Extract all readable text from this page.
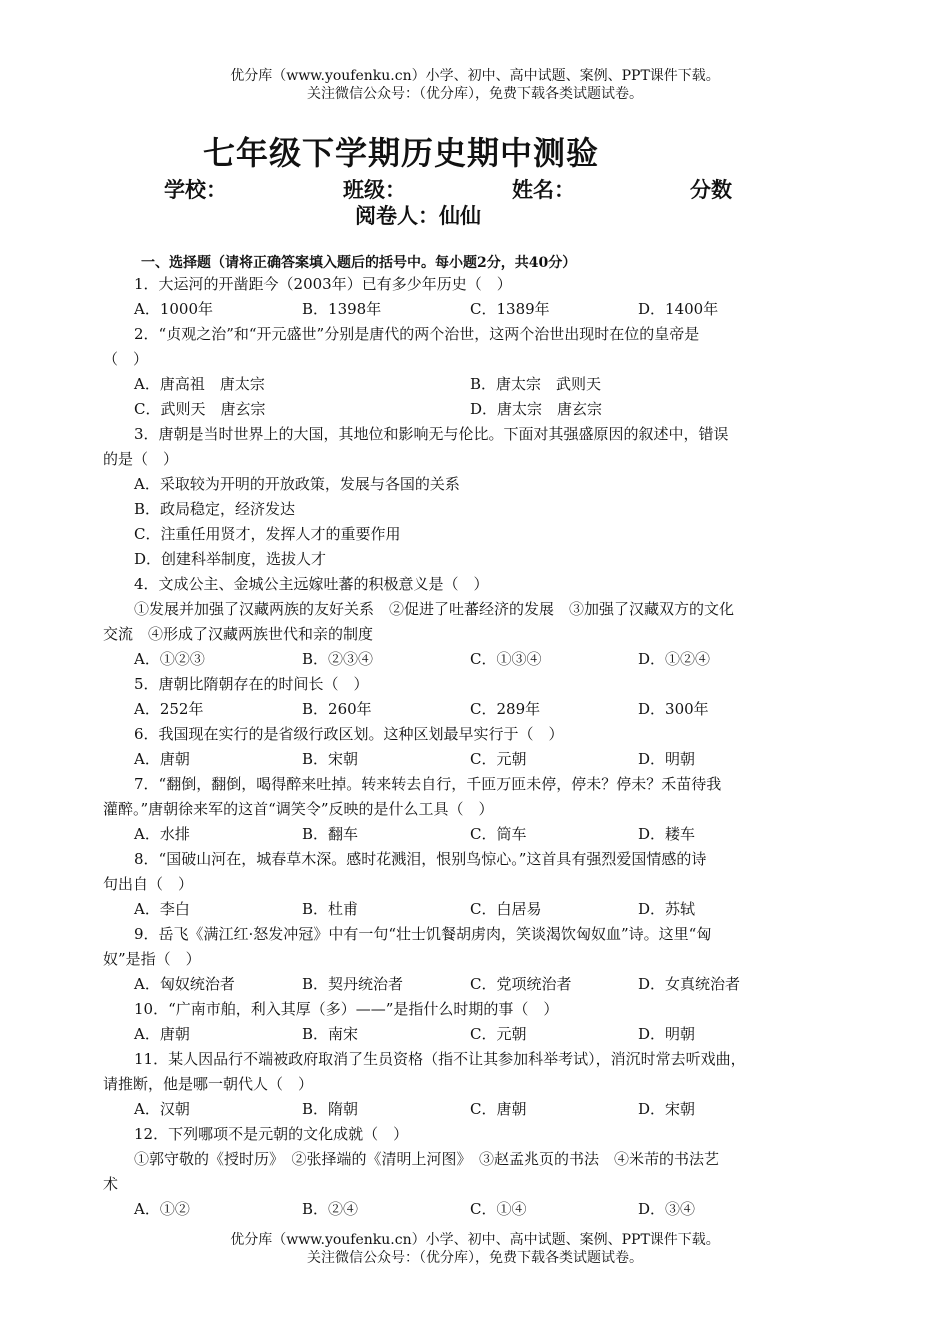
优分库（www.youfenku.cn）小学、初中、高中试题、案例、PPT课件下载。
关注微信公众号：（优分库），免费下载各类试题试卷。
七年级下学期历史期中测验
学校：	班级：	姓名：	分数
阅卷人：仙仙
一、选择题（请将正确答案填入题后的括号中。每小题2分，共40分）
1．大运河的开凿距今（2003年）已有多少年历史（　）
A．1000年	B．1398年	C．1389年	D．1400年
2．“贞观之治”和“开元盛世”分别是唐代的两个治世，这两个治世出现时在位的皇帝是
（　）
A．唐高祖　唐太宗	B．唐太宗　武则天
C．武则天　唐玄宗	D．唐太宗　唐玄宗
3．唐朝是当时世界上的大国，其地位和影响无与伦比。下面对其强盛原因的叙述中，错误
的是（　）
A．采取较为开明的开放政策，发展与各国的关系
B．政局稳定，经济发达
C．注重任用贤才，发挥人才的重要作用
D．创建科举制度，选拔人才
4．文成公主、金城公主远嫁吐蕃的积极意义是（　）
①发展并加强了汉藏两族的友好关系　②促进了吐蕃经济的发展　③加强了汉藏双方的文化
交流　④形成了汉藏两族世代和亲的制度
A．①②③	B．②③④	C．①③④	D．①②④
5．唐朝比隋朝存在的时间长（　）
A．252年	B．260年	C．289年	D．300年
6．我国现在实行的是省级行政区划。这种区划最早实行于（　）
A．唐朝	B．宋朝	C．元朝	D．明朝
7．“翻倒，翻倒，喝得醉来吐掉。转来转去自行，千匝万匝未停，停未？停未？禾苗待我
灌醉。”唐朝徐来军的这首“调笑令”反映的是什么工具（　）
A．水排	B．翻车	C．筒车	D．耧车
8．“国破山河在，城春草木深。感时花溅泪，恨别鸟惊心。”这首具有强烈爱国情感的诗
句出自（　）
A．李白	B．杜甫	C．白居易	D．苏轼
9．岳飞《满江红·怒发冲冠》中有一句“壮士饥餐胡虏肉，笑谈渴饮匈奴血”诗。这里“匈
奴”是指（　）
A．匈奴统治者	B．契丹统治者	C．党项统治者	D．女真统治者
10．“广南市舶，利入其厚（多）——”是指什么时期的事（　）
A．唐朝	B．南宋	C．元朝	D．明朝
11．某人因品行不端被政府取消了生员资格（指不让其参加科举考试），消沉时常去听戏曲，
请推断，他是哪一朝代人（　）
A．汉朝	B．隋朝	C．唐朝	D．宋朝
12．下列哪项不是元朝的文化成就（　）
①郭守敬的《授时历》　②张择端的《清明上河图》　③赵孟兆页的书法　④米芾的书法艺
术
A．①②	B．②④	C．①④	D．③④
优分库（www.youfenku.cn）小学、初中、高中试题、案例、PPT课件下载。
关注微信公众号：（优分库），免费下载各类试题试卷。
